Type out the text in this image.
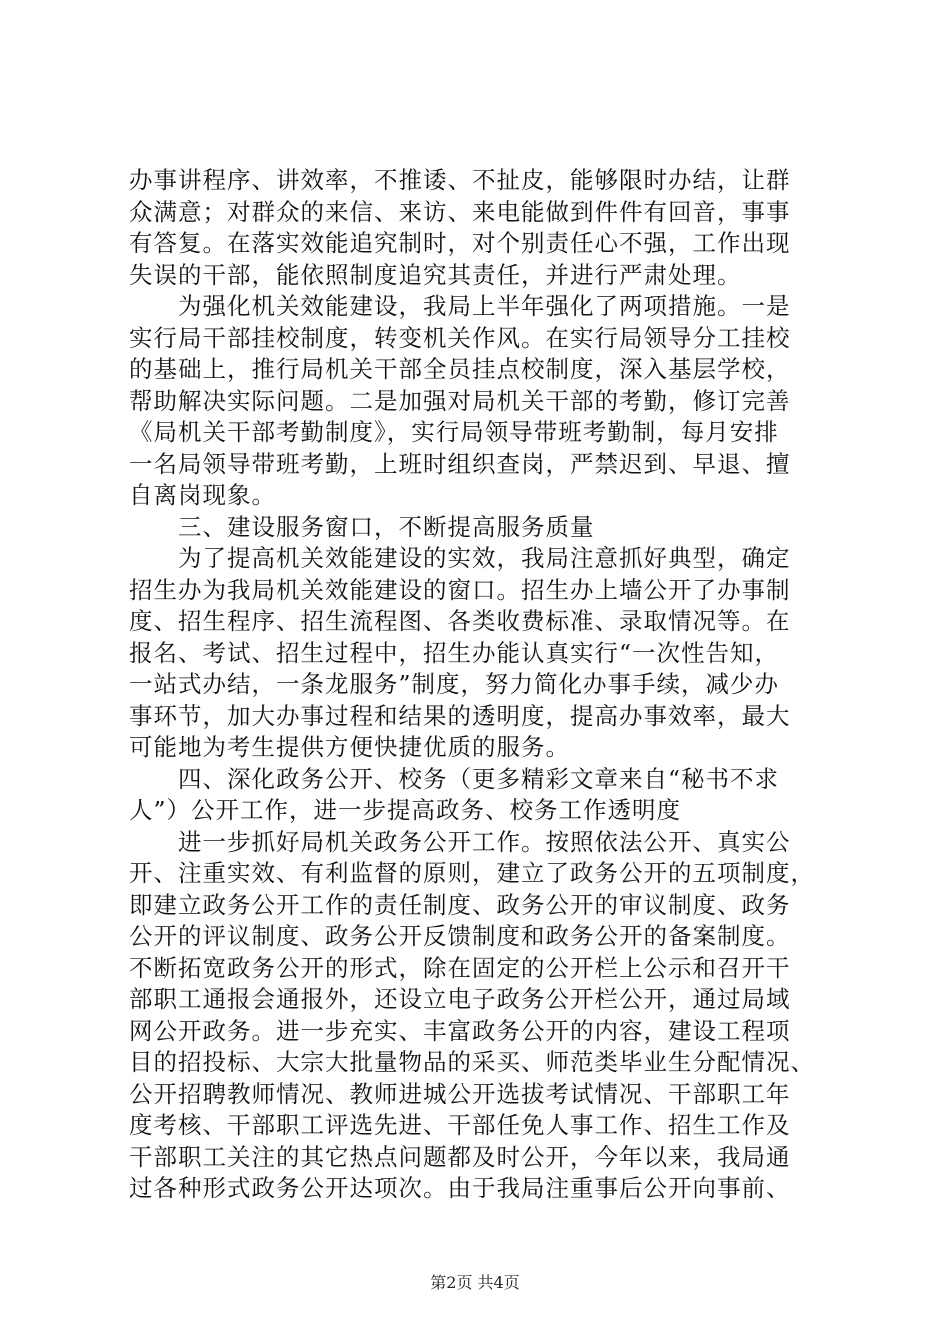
办事讲程序、讲效率，不推诿、不扯皮，能够限时办结，让群
众满意；对群众的来信、来访、来电能做到件件有回音，事事
有答复。在落实效能追究制时，对个别责任心不强，工作出现
失误的干部，能依照制度追究其责任，并进行严肃处理。
　　为强化机关效能建设，我局上半年强化了两项措施。一是
实行局干部挂校制度，转变机关作风。在实行局领导分工挂校
的基础上，推行局机关干部全员挂点校制度，深入基层学校，
帮助解决实际问题。二是加强对局机关干部的考勤，修订完善
《局机关干部考勤制度》，实行局领导带班考勤制，每月安排
一名局领导带班考勤，上班时组织查岗，严禁迟到、早退、擅
自离岗现象。
　　三、建设服务窗口，不断提高服务质量
　　为了提高机关效能建设的实效，我局注意抓好典型，确定
招生办为我局机关效能建设的窗口。招生办上墙公开了办事制
度、招生程序、招生流程图、各类收费标准、录取情况等。在
报名、考试、招生过程中，招生办能认真实行“一次性告知，
一站式办结，一条龙服务”制度，努力简化办事手续，减少办
事环节，加大办事过程和结果的透明度，提高办事效率，最大
可能地为考生提供方便快捷优质的服务。
　　四、深化政务公开、校务（更多精彩文章来自“秘书不求
人”）公开工作，进一步提高政务、校务工作透明度
　　进一步抓好局机关政务公开工作。按照依法公开、真实公
开、注重实效、有利监督的原则，建立了政务公开的五项制度，
即建立政务公开工作的责任制度、政务公开的审议制度、政务
公开的评议制度、政务公开反馈制度和政务公开的备案制度。
不断拓宽政务公开的形式，除在固定的公开栏上公示和召开干
部职工通报会通报外，还设立电子政务公开栏公开，通过局域
网公开政务。进一步充实、丰富政务公开的内容，建设工程项
目的招投标、大宗大批量物品的采买、师范类毕业生分配情况、
公开招聘教师情况、教师进城公开选拔考试情况、干部职工年
度考核、干部职工评选先进、干部任免人事工作、招生工作及
干部职工关注的其它热点问题都及时公开，今年以来，我局通
过各种形式政务公开达项次。由于我局注重事后公开向事前、
第2页 共4页
